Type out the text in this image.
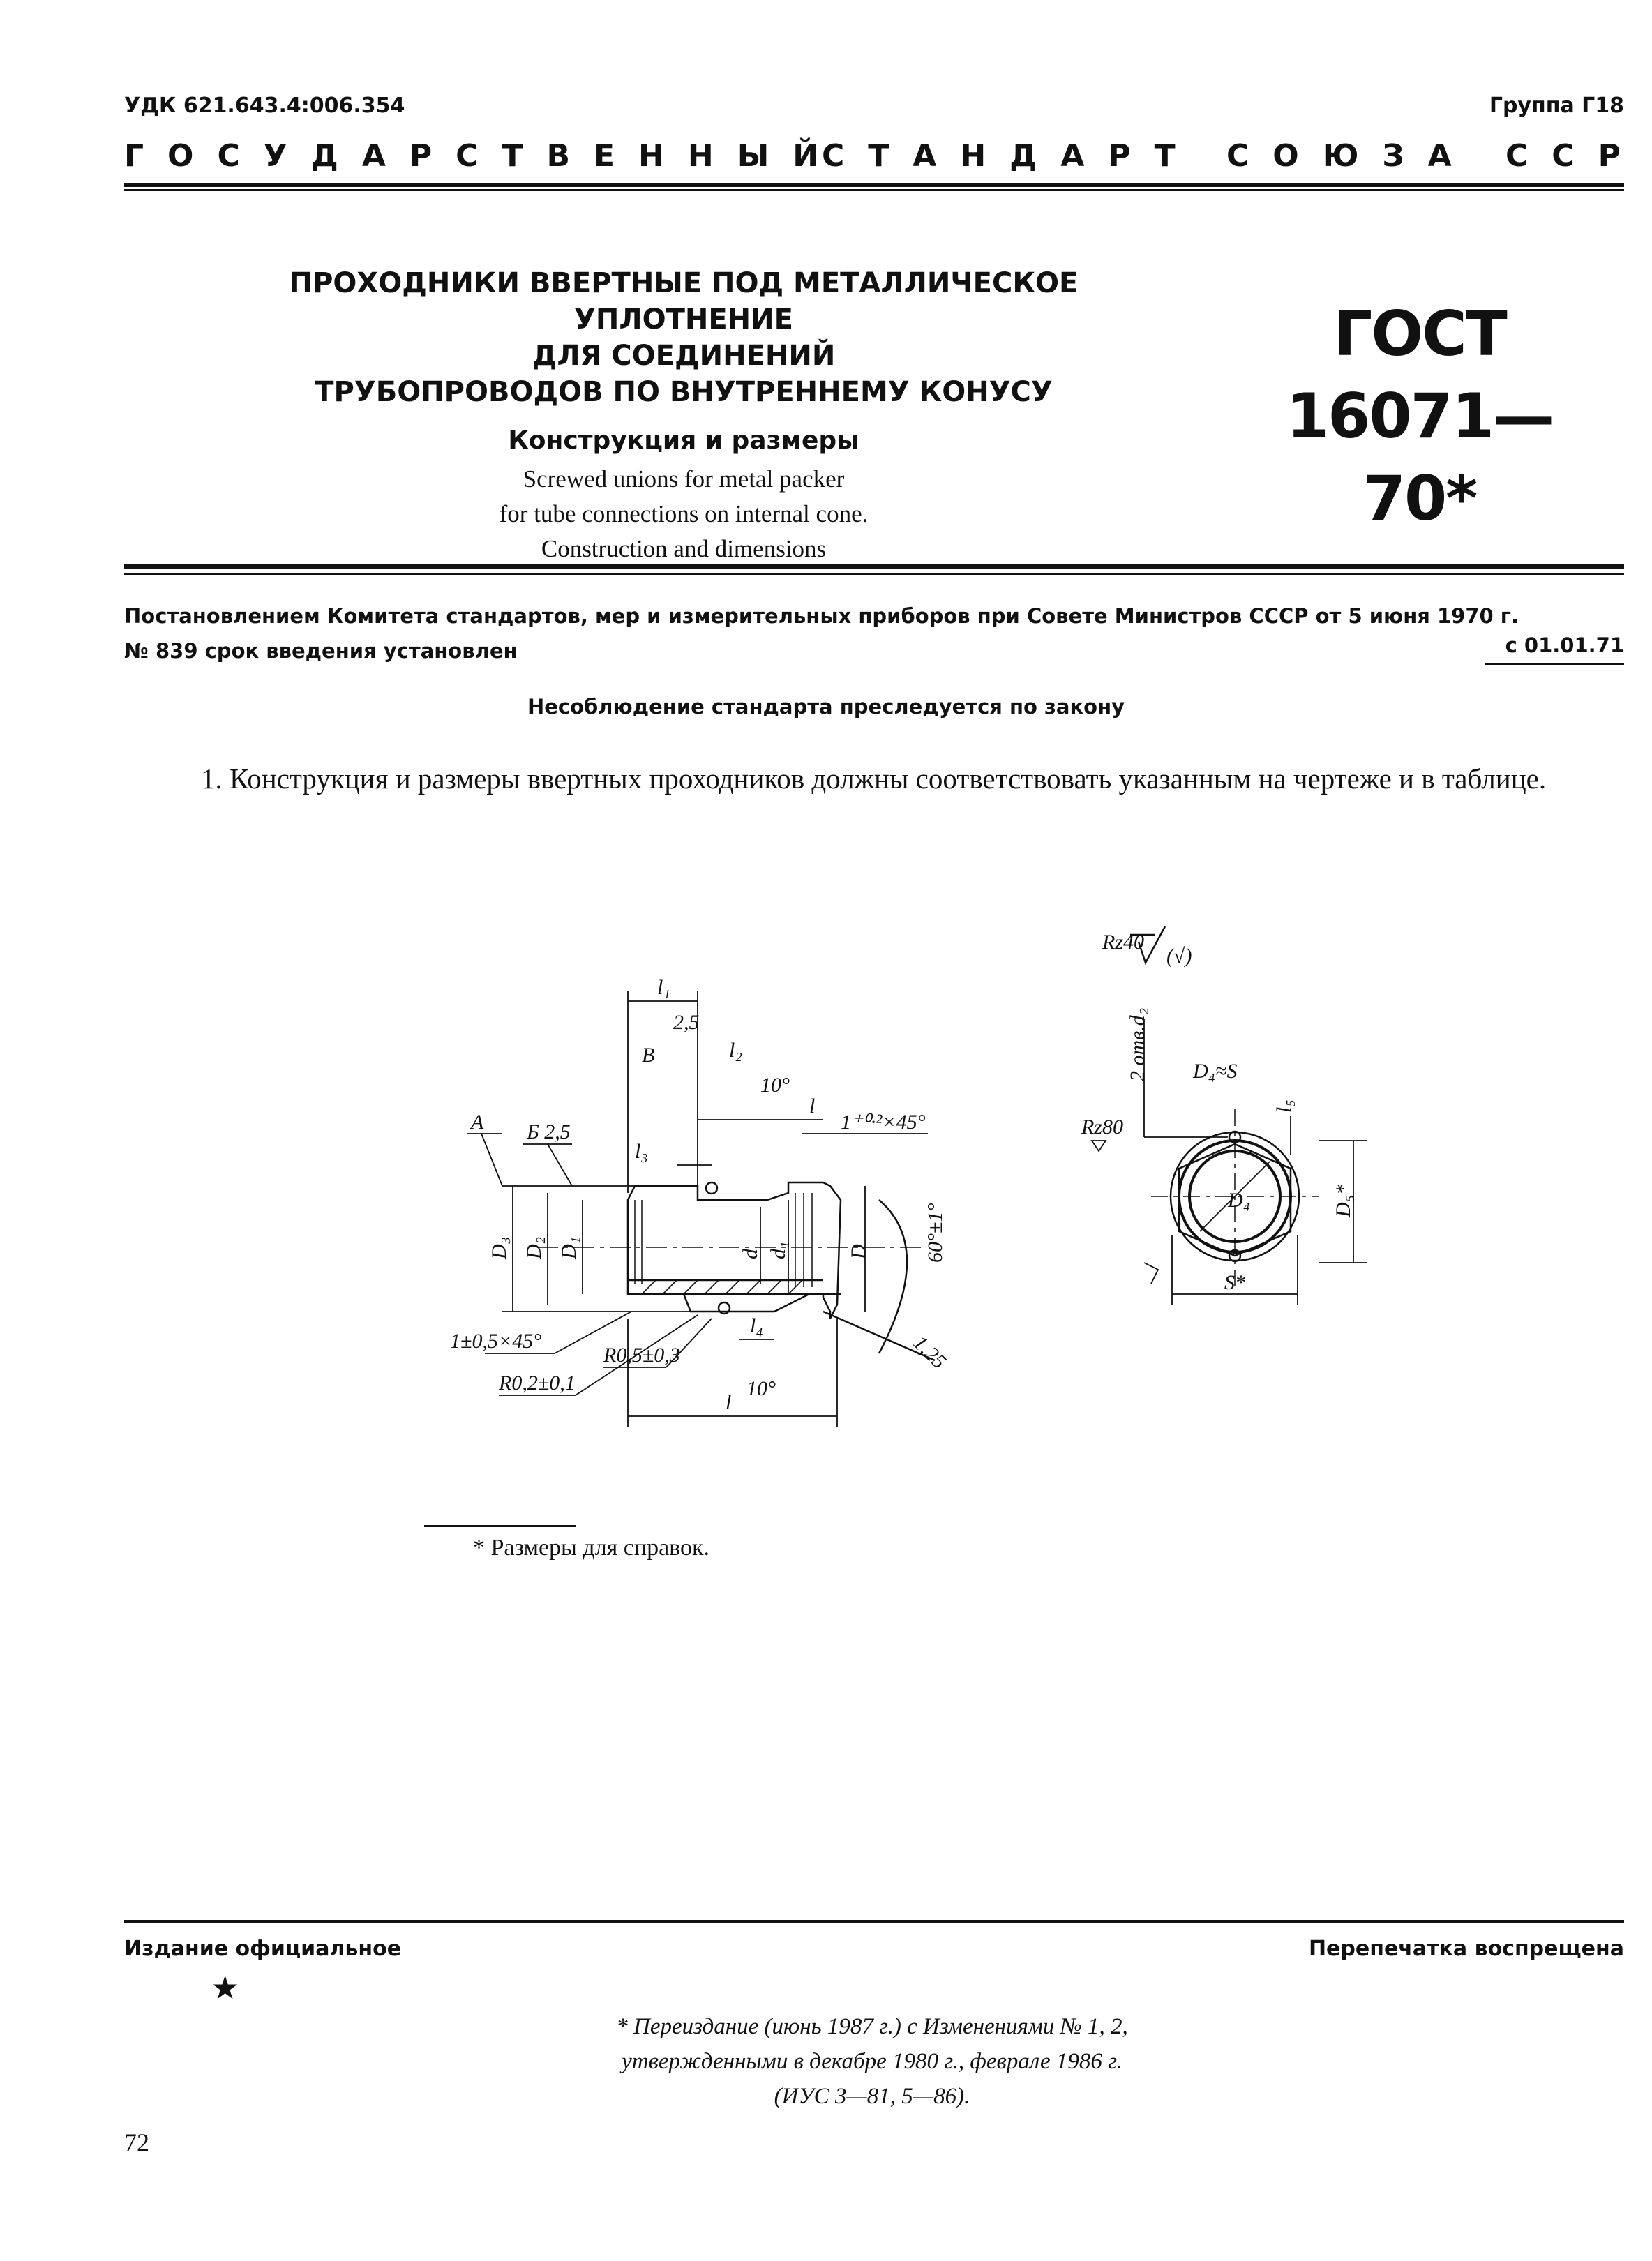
УДК 621.643.4:006.354	Группа Г18
ГОСУДАРСТВЕННЫЙ
СТАНДАРТ СОЮЗА ССР
ПРОХОДНИКИ ВВЕРТНЫЕ ПОД МЕТАЛЛИЧЕСКОЕ УПЛОТНЕНИЕ
ДЛЯ СОЕДИНЕНИЙ
ТРУБОПРОВОДОВ ПО ВНУТРЕННЕМУ КОНУСУ
Конструкция и размеры
Screwed unions for metal packer
for tube connections on internal cone.
Construction and dimensions
ГОСТ
16071—70*
Постановлением Комитета стандартов, мер и измерительных приборов при Совете Министров СССР от 5 июня 1970 г.
№ 839 срок введения установлен	с 01.01.71
Несоблюдение стандарта преследуется по закону
1. Конструкция и размеры ввертных проходников должны соответствовать указанным на чертеже и в таблице.
Rz40
(√)
l₁
В
2,5
l₂
10°
l
l₃
1⁺⁰·²×45°
А Б 2,5
D₃ D₂ D₁	d d₁	D	60°±1°
1±0,5×45°
R0,5±0,3
R0,2±0,1
l₄
10°
l
1,25
2 отв.d₂ D₄≈S
Rz80
l₅
D₄	D₅*
S*
* Размеры для справок.
Издание официальное	Перепечатка воспрещена
★
* Переиздание (июнь 1987 г.) с Изменениями № 1, 2,
утвержденными в декабре 1980 г., феврале 1986 г.
(ИУС 3—81, 5—86).
72
